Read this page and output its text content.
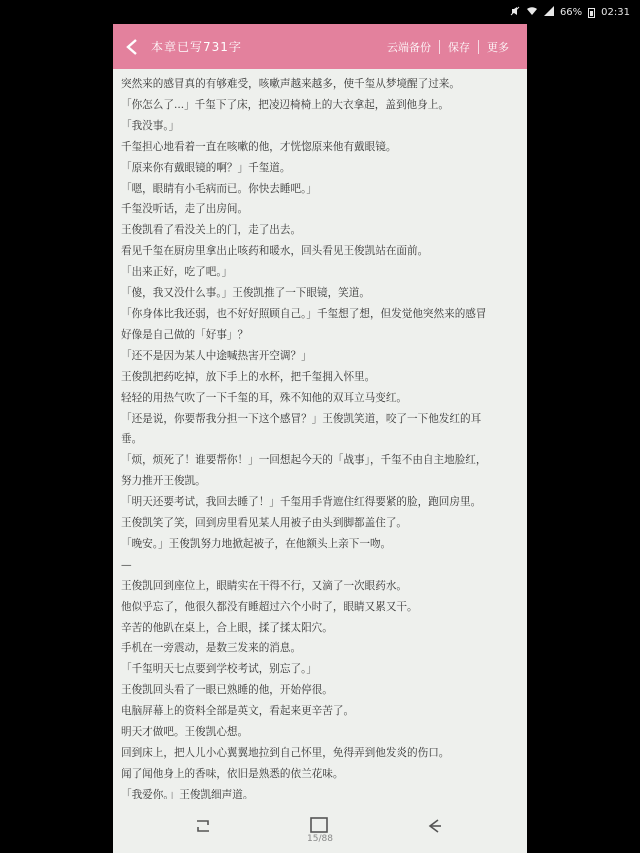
66% 02:31
本章已写731字	云端备份	保存	更多

突然来的感冒真的有够难受，咳嗽声越来越多，使千玺从梦境醒了过来。

「你怎么了...」千玺下了床，把凌辺椅椅上的大衣拿起，盖到他身上。

「我没事。」

千玺担心地看着一直在咳嗽的他，才恍惚原来他有戴眼镜。

「原来你有戴眼镜的啊？」千玺道。

「嗯，眼睛有小毛病而已。你快去睡吧。」

千玺没听话，走了出房间。

王俊凯看了看没关上的门，走了出去。

看见千玺在厨房里拿出止咳药和暖水，回头看见王俊凯站在面前。

「出来正好，吃了吧。」

「傻，我又没什么事。」王俊凯推了一下眼镜，笑道。

「你身体比我还弱，也不好好照顾自己。」千玺想了想，但发觉他突然来的感冒

好像是自己做的「好事」？

「还不是因为某人中途喊热害开空调？」

王俊凯把药吃掉，放下手上的水杯，把千玺拥入怀里。

轻轻的用热气吹了一下千玺的耳，殊不知他的双耳立马变红。

「还是说，你要帮我分担一下这个感冒？」王俊凯笑道，咬了一下他发红的耳

垂。

「烦，烦死了！谁要帮你！」一回想起今天的「战事」，千玺不由自主地脸红，

努力推开王俊凯。

「明天还要考试，我回去睡了！」千玺用手背遮住红得要紧的脸，跑回房里。

王俊凯笑了笑，回到房里看见某人用被子由头到脚都盖住了。

「晚安。」王俊凯努力地掀起被子，在他额头上亲下一吻。

—

王俊凯回到座位上，眼睛实在干得不行，又滴了一次眼药水。

他似乎忘了，他很久都没有睡超过六个小时了，眼睛又累又干。

辛苦的他趴在桌上，合上眼，揉了揉太阳穴。

手机在一旁震动，是数三发来的消息。

「千玺明天七点要到学校考试，别忘了。」

王俊凯回头看了一眼已熟睡的他，开始停很。

电脑屏幕上的资料全部是英文，看起来更辛苦了。

明天才做吧。王俊凯心想。

回到床上，把人儿小心翼翼地拉到自己怀里，免得弄到他发炎的伤口。

闻了闻他身上的香味，依旧是熟悉的依兰花味。

「我爱你。」王俊凯细声道。

15/88
